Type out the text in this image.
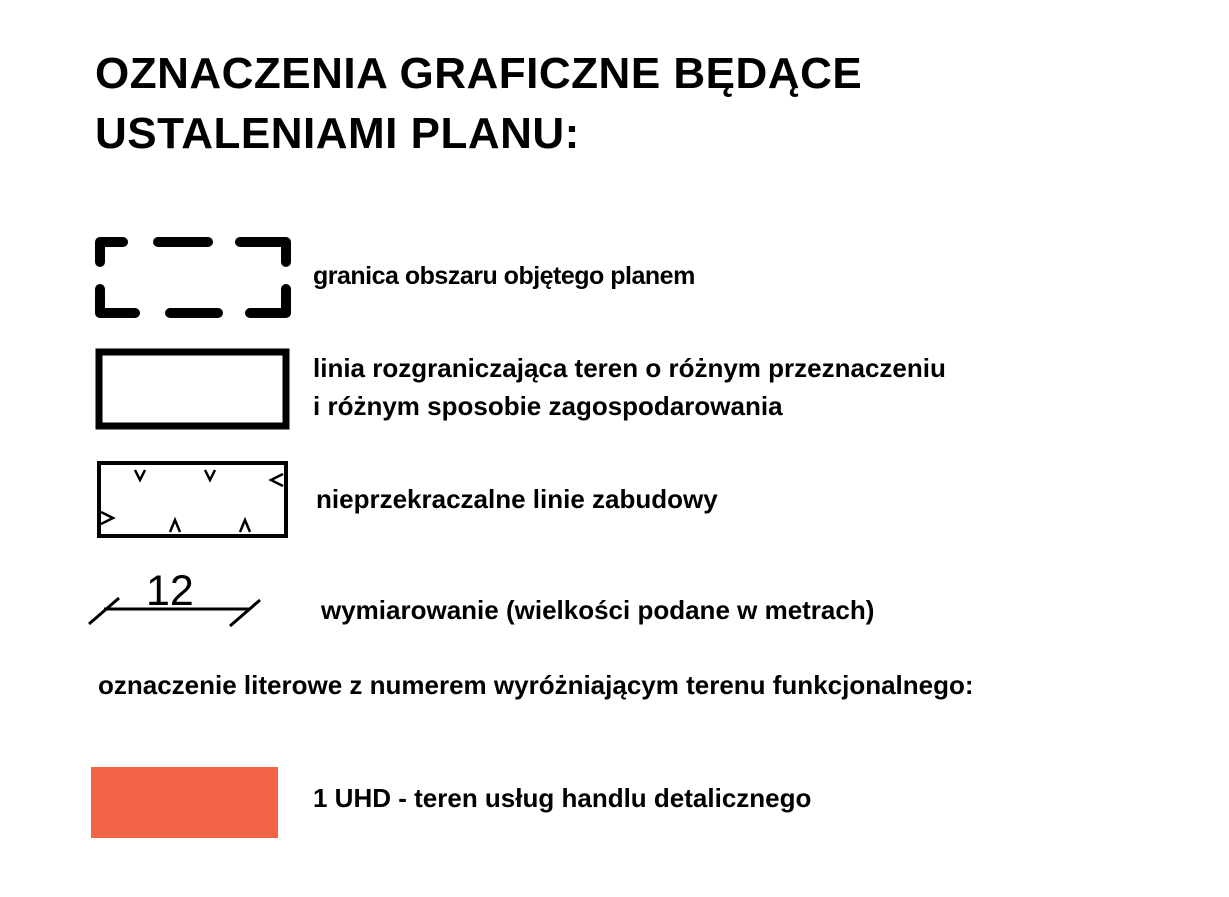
OZNACZENIA GRAFICZNE BĘDĄCE
USTALENIAMI PLANU:
granica obszaru objętego planem
linia rozgraniczająca teren o różnym przeznaczeniu
i różnym sposobie zagospodarowania
nieprzekraczalne linie zabudowy
12	wymiarowanie (wielkości podane w metrach)
oznaczenie literowe z numerem wyróżniającym terenu funkcjonalnego:
1 UHD - teren usług handlu detalicznego
